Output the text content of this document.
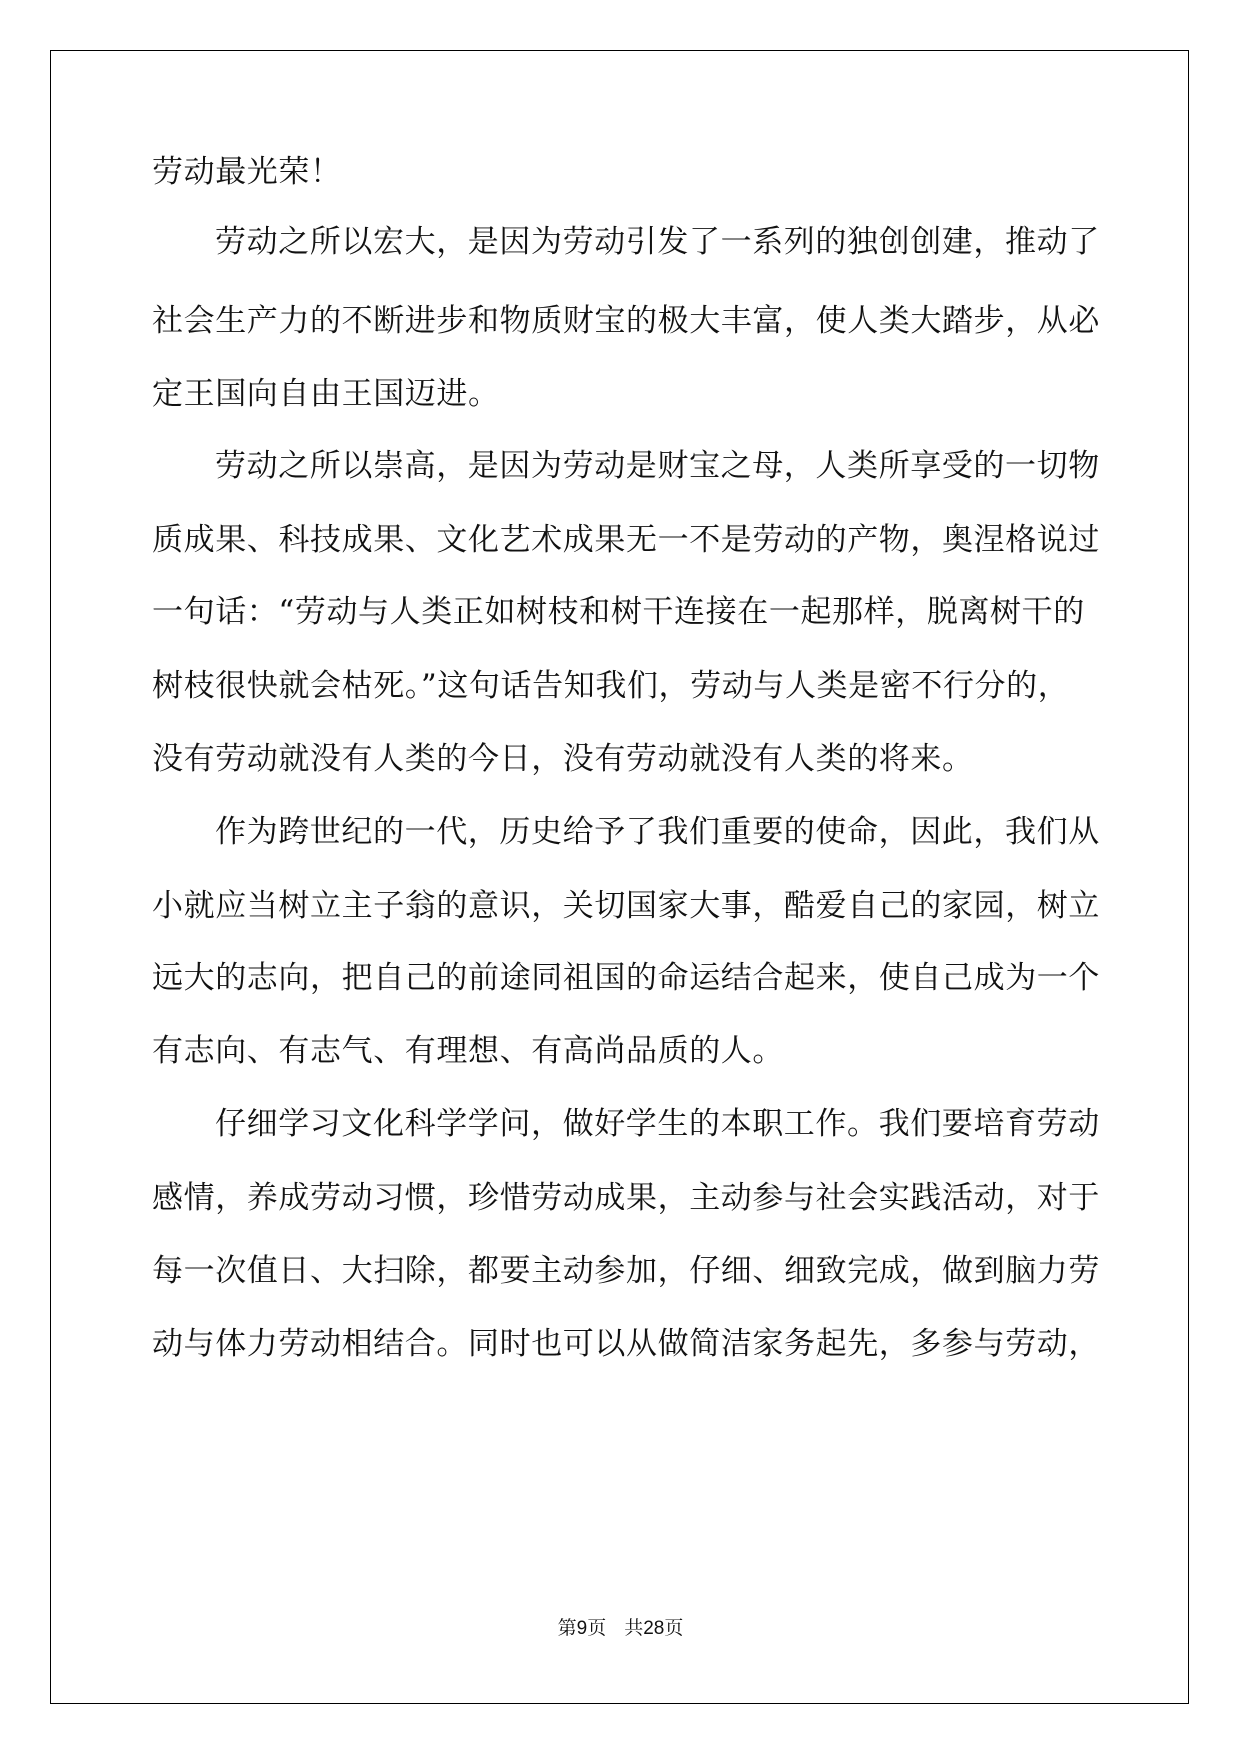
劳动最光荣！
劳动之所以宏大，是因为劳动引发了一系列的独创创建，推动了
社会生产力的不断进步和物质财宝的极大丰富，使人类大踏步，从必
定王国向自由王国迈进。
劳动之所以崇高，是因为劳动是财宝之母，人类所享受的一切物
质成果、科技成果、文化艺术成果无一不是劳动的产物，奥涅格说过
一句话：“劳动与人类正如树枝和树干连接在一起那样，脱离树干的
树枝很快就会枯死。”这句话告知我们，劳动与人类是密不行分的，
没有劳动就没有人类的今日，没有劳动就没有人类的将来。
作为跨世纪的一代，历史给予了我们重要的使命，因此，我们从
小就应当树立主子翁的意识，关切国家大事，酷爱自己的家园，树立
远大的志向，把自己的前途同祖国的命运结合起来，使自己成为一个
有志向、有志气、有理想、有高尚品质的人。
仔细学习文化科学学问，做好学生的本职工作。我们要培育劳动
感情，养成劳动习惯，珍惜劳动成果，主动参与社会实践活动，对于
每一次值日、大扫除，都要主动参加，仔细、细致完成，做到脑力劳
动与体力劳动相结合。同时也可以从做简洁家务起先，多参与劳动，
第9页 共28页
